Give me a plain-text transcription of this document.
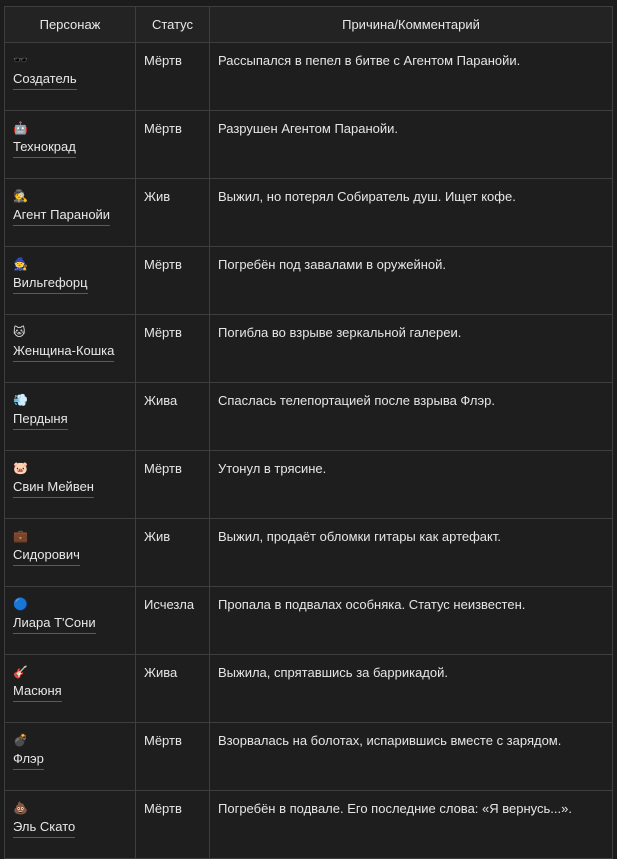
Персонаж	Статус	Причина/Комментарий

🕶️
Создатель	Мёртв	Рассыпался в пепел в битве с Агентом Паранойи.

🤖
Технокрад	Мёртв	Разрушен Агентом Паранойи.

🕵️
Агент Паранойи	Жив	Выжил, но потерял Собиратель душ. Ищет кофе.

🧙
Вильгефорц	Мёртв	Погребён под завалами в оружейной.

🐱
Женщина-Кошка	Мёртв	Погибла во взрыве зеркальной галереи.

💨
Пердыня	Жива	Спаслась телепортацией после взрыва Флэр.

🐷
Свин Мейвен	Мёртв	Утонул в трясине.

💼
Сидорович	Жив	Выжил, продаёт обломки гитары как артефакт.

🔵
Лиара Т'Сони	Исчезла	Пропала в подвалах особняка. Статус неизвестен.

🎸
Масюня	Жива	Выжила, спрятавшись за баррикадой.

💣
Флэр	Мёртв	Взорвалась на болотах, испарившись вместе с зарядом.

💩
Эль Скато	Мёртв	Погребён в подвале. Его последние слова: «Я вернусь...».
